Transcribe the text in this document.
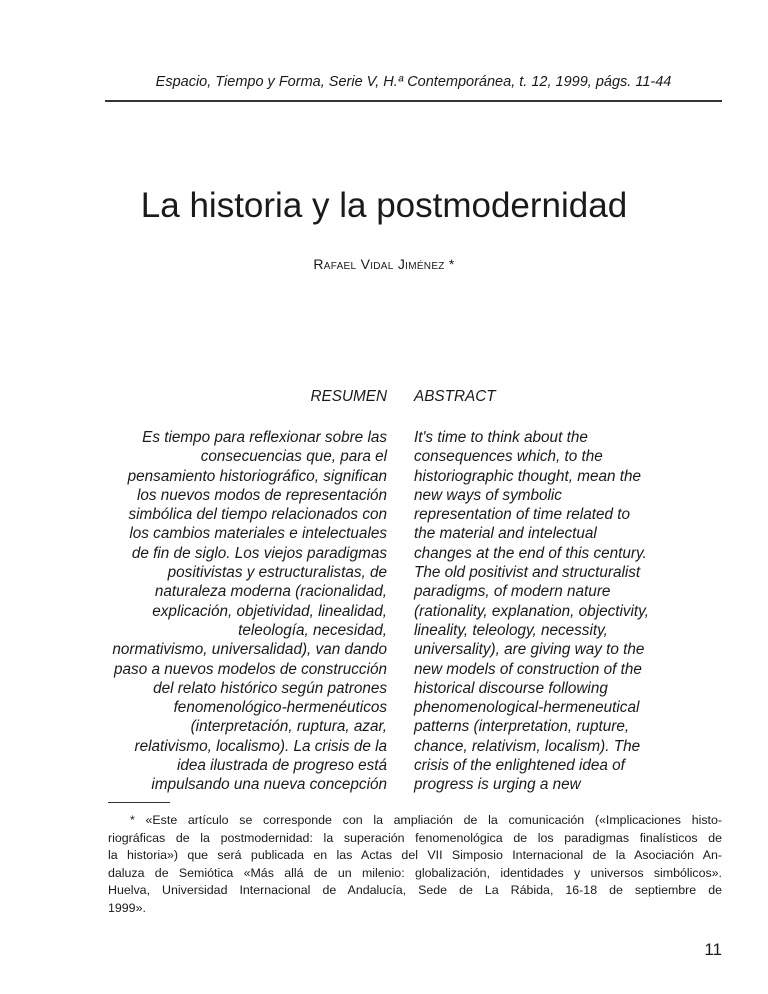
Espacio, Tiempo y Forma, Serie V, H.ª Contemporánea, t. 12, 1999, págs. 11-44
La historia y la postmodernidad
Rafael Vidal Jiménez *
RESUMEN ABSTRACT
Es tiempo para reflexionar sobre las
consecuencias que, para el
pensamiento historiográfico, significan
los nuevos modos de representación
simbólica del tiempo relacionados con
los cambios materiales e intelectuales
de fin de siglo. Los viejos paradigmas
positivistas y estructuralistas, de
naturaleza moderna (racionalidad,
explicación, objetividad, linealidad,
teleología, necesidad,
normativismo, universalidad), van dando
paso a nuevos modelos de construcción
del relato histórico según patrones
fenomenológico-hermenéuticos
(interpretación, ruptura, azar,
relativismo, localismo). La crisis de la
idea ilustrada de progreso está
impulsando una nueva concepción
It's time to think about the
consequences which, to the
historiographic thought, mean the
new ways of symbolic
representation of time related to
the material and intelectual
changes at the end of this century.
The old positivist and structuralist
paradigms, of modern nature
(rationality, explanation, objectivity,
lineality, teleology, necessity,
universality), are giving way to the
new models of construction of the
historical discourse following
phenomenological-hermeneutical
patterns (interpretation, rupture,
chance, relativism, localism). The
crisis of the enlightened idea of
progress is urging a new
* «Este artículo se corresponde con la ampliación de la comunicación («Implicaciones histo-
riográficas de la postmodernidad: la superación fenomenológica de los paradigmas finalísticos de
la historia») que será publicada en las Actas del VII Simposio Internacional de la Asociación An-
daluza de Semiótica «Más allá de un milenio: globalización, identidades y universos simbólicos».
Huelva, Universidad Internacional de Andalucía, Sede de La Rábida, 16-18 de septiembre de
1999».
11
